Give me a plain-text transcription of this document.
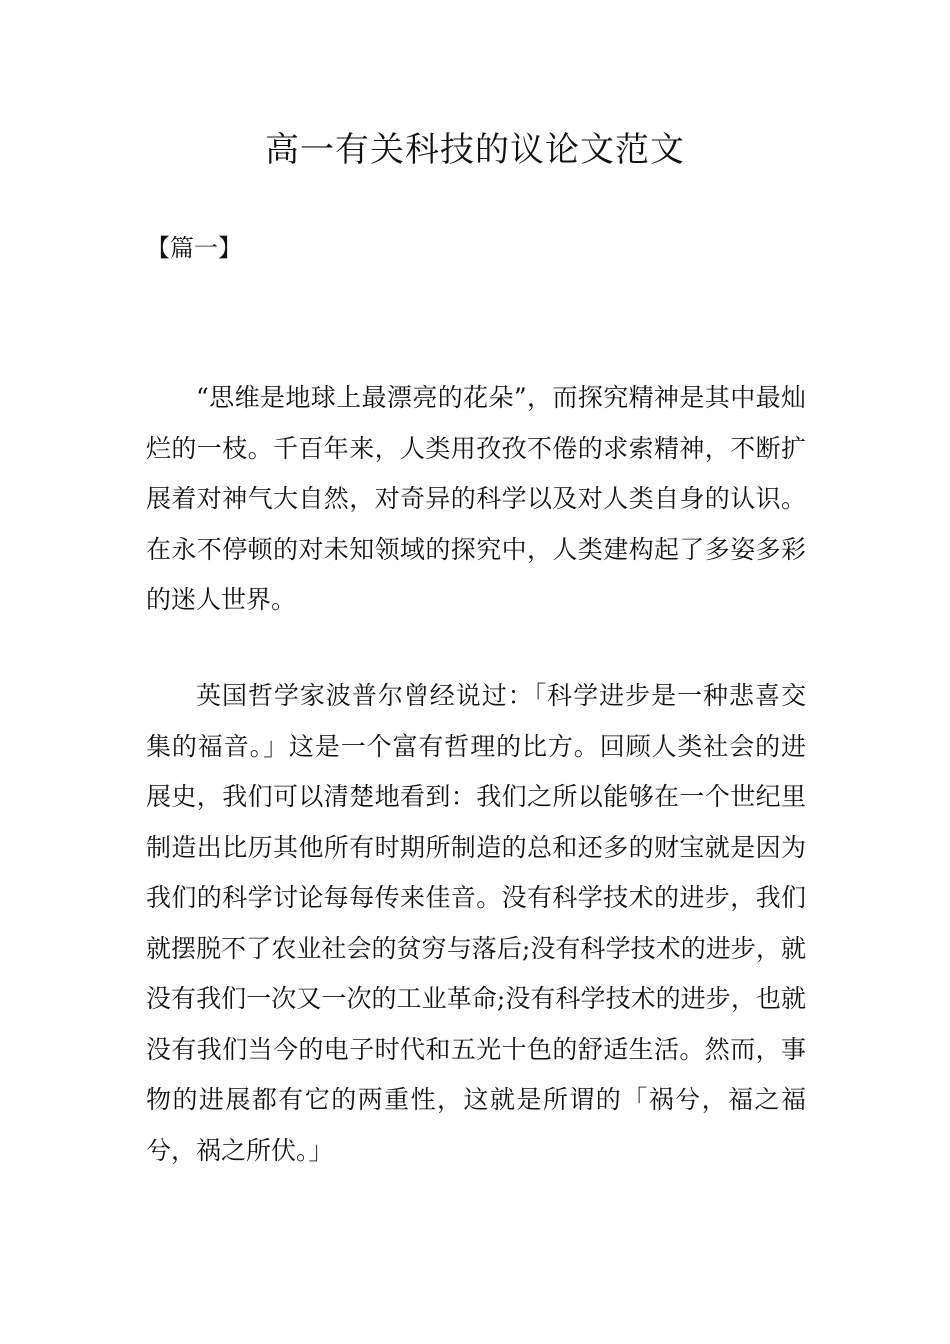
高一有关科技的议论文范文

【篇一】

“思维是地球上最漂亮的花朵”，而探究精神是其中最灿烂的一枝。千百年来，人类用孜孜不倦的求索精神，不断扩展着对神气大自然，对奇异的科学以及对人类自身的认识。在永不停顿的对未知领域的探究中，人类建构起了多姿多彩的迷人世界。

英国哲学家波普尔曾经说过：「科学进步是一种悲喜交集的福音。」这是一个富有哲理的比方。回顾人类社会的进展史，我们可以清楚地看到：我们之所以能够在一个世纪里制造出比历其他所有时期所制造的总和还多的财宝就是因为我们的科学讨论每每传来佳音。没有科学技术的进步，我们就摆脱不了农业社会的贫穷与落后;没有科学技术的进步，就没有我们一次又一次的工业革命;没有科学技术的进步，也就没有我们当今的电子时代和五光十色的舒适生活。然而，事物的进展都有它的两重性，这就是所谓的「祸兮，福之福兮，祸之所伏。」
